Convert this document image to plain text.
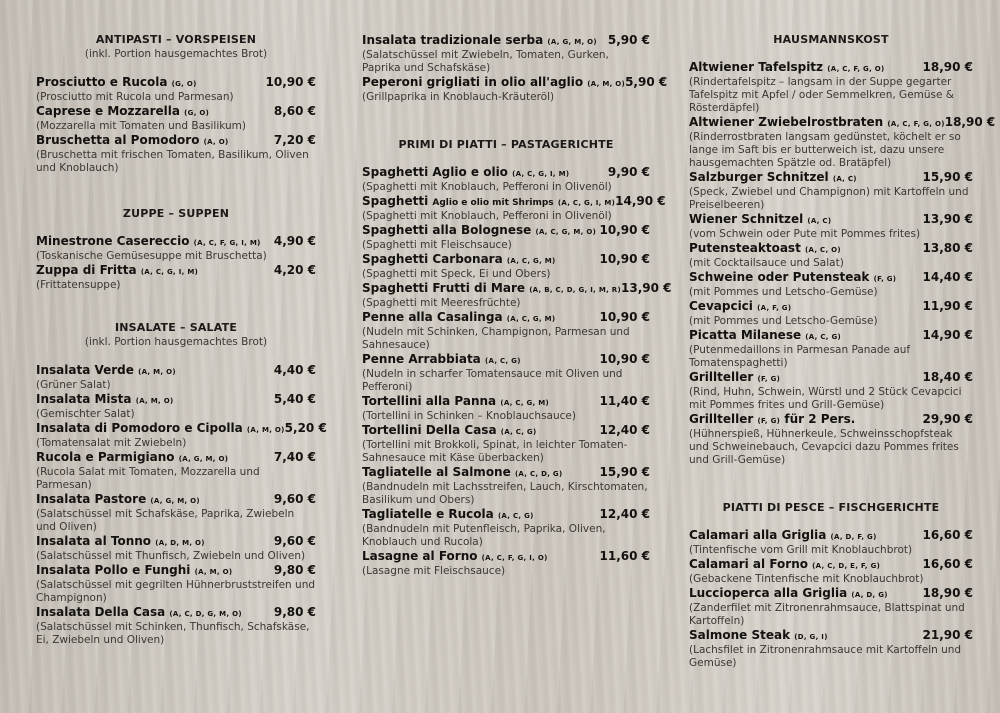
ANTIPASTI – VORSPEISEN
(inkl. Portion hausgemachtes Brot)
Prosciutto e Rucola (G, O)	10,90 €
(Prosciutto mit Rucola und Parmesan)
Caprese e Mozzarella (G, O)	8,60 €
(Mozzarella mit Tomaten und Basilikum)
Bruschetta al Pomodoro (A, O)	7,20 €
(Bruschetta mit frischen Tomaten, Basilikum, Oliven und Knoblauch)
ZUPPE – SUPPEN
Minestrone Casereccio (A, C, F, G, I, M) 4,90 €
(Toskanische Gemüsesuppe mit Bruschetta)
Zuppa di Fritta (A, C, G, I, M)	4,20 €
(Frittatensuppe)
INSALATE – SALATE
(inkl. Portion hausgemachtes Brot)
Insalata Verde (A, M, O)	4,40 €
(Grüner Salat)
Insalata Mista (A, M, O)	5,40 €
(Gemischter Salat)
Insalata di Pomodoro e Cipolla (A, M, O) 5,20 €
(Tomatensalat mit Zwiebeln)
Rucola e Parmigiano (A, G, M, O)	7,40 €
(Rucola Salat mit Tomaten, Mozzarella und Parmesan)
Insalata Pastore (A, G, M, O)	9,60 €
(Salatschüssel mit Schafskäse, Paprika, Zwiebeln und Oliven)
Insalata al Tonno (A, D, M, O)	9,60 €
(Salatschüssel mit Thunfisch, Zwiebeln und Oliven)
Insalata Pollo e Funghi (A, M, O)	9,80 €
(Salatschüssel mit gegrilten Hühnerbruststreifen und Champignon)
Insalata Della Casa (A, C, D, G, M, O)	9,80 €
(Salatschüssel mit Schinken, Thunfisch, Schafskäse, Ei, Zwiebeln und Oliven)
Insalata tradizionale serba (A, G, M, O) 5,90 €
(Salatschüssel mit Zwiebeln, Tomaten, Gurken, Paprika und Schafskäse)
Peperoni grigliati in olio all'aglio (A, M, O) 5,90 €
(Grillpaprika in Knoblauch-Kräuteröl)
PRIMI DI PIATTI – PASTAGERICHTE
Spaghetti Aglio e olio (A, C, G, I, M)	9,90 €
(Spaghetti mit Knoblauch, Pefferoni in Olivenöl)
Spaghetti Aglio e olio mit Shrimps (A, C, G, I, M) 14,90 €
(Spaghetti mit Knoblauch, Pefferoni in Olivenöl)
Spaghetti alla Bolognese (A, C, G, M, O) 10,90 €
(Spaghetti mit Fleischsauce)
Spaghetti Carbonara (A, C, G, M)	10,90 €
(Spaghetti mit Speck, Ei und Obers)
Spaghetti Frutti di Mare (A, B, C, D, G, I, M, R) 13,90 €
(Spaghetti mit Meeresfrüchte)
Penne alla Casalinga (A, C, G, M)	10,90 €
(Nudeln mit Schinken, Champignon, Parmesan und Sahnesauce)
Penne Arrabbiata (A, C, G)	10,90 €
(Nudeln in scharfer Tomatensauce mit Oliven und Pefferoni)
Tortellini alla Panna (A, C, G, M)	11,40 €
(Tortellini in Schinken – Knoblauchsauce)
Tortellini Della Casa (A, C, G)	12,40 €
(Tortellini mit Brokkoli, Spinat, in leichter Tomaten-Sahnesauce mit Käse überbacken)
Tagliatelle al Salmone (A, C, D, G)	15,90 €
(Bandnudeln mit Lachsstreifen, Lauch, Kirschtomaten, Basilikum und Obers)
Tagliatelle e Rucola (A, C, G)	12,40 €
(Bandnudeln mit Putenfleisch, Paprika, Oliven, Knoblauch und Rucola)
Lasagne al Forno (A, C, F, G, I, O)	11,60 €
(Lasagne mit Fleischsauce)
HAUSMANNSKOST
Altwiener Tafelspitz (A, C, F, G, O)	18,90 €
(Rindertafelspitz – langsam in der Suppe gegarter Tafelspitz mit Apfel / oder Semmelkren, Gemüse & Rösterdäpfel)
Altwiener Zwiebelrostbraten (A, C, F, G, O) 18,90 €
(Rinderrostbraten langsam gedünstet, köchelt er so lange im Saft bis er butterweich ist, dazu unsere hausgemachten Spätzle od. Bratäpfel)
Salzburger Schnitzel (A, C)	15,90 €
(Speck, Zwiebel und Champignon) mit Kartoffeln und Preiselbeeren)
Wiener Schnitzel (A, C)	13,90 €
(vom Schwein oder Pute mit Pommes frites)
Putensteaktoast (A, C, O)	13,80 €
(mit Cocktailsauce und Salat)
Schweine oder Putensteak (F, G) 14,40 €
(mit Pommes und Letscho-Gemüse)
Cevapcici (A, F, G)	11,90 €
(mit Pommes und Letscho-Gemüse)
Picatta Milanese (A, C, G)	14,90 €
(Putenmedaillons in Parmesan Panade auf Tomatenspaghetti)
Grillteller (F, G)	18,40 €
(Rind, Huhn, Schwein, Würstl und 2 Stück Cevapcici mit Pommes frites und Grill-Gemüse)
Grillteller (F, G) für 2 Pers.	29,90 €
(Hühnerspieß, Hühnerkeule, Schweinsschopfsteak und Schweinebauch, Cevapcici dazu Pommes frites und Grill-Gemüse)
PIATTI DI PESCE – FISCHGERICHTE
Calamari alla Griglia (A, D, F, G)	16,60 €
(Tintenfische vom Grill mit Knoblauchbrot)
Calamari al Forno (A, C, D, E, F, G)	16,60 €
(Gebackene Tintenfische mit Knoblauchbrot)
Luccioperca alla Griglia (A, D, G)	18,90 €
(Zanderfilet mit Zitronenrahmsauce, Blattspinat und Kartoffeln)
Salmone Steak (D, G, I)	21,90 €
(Lachsfilet in Zitronenrahmsauce mit Kartoffeln und Gemüse)
